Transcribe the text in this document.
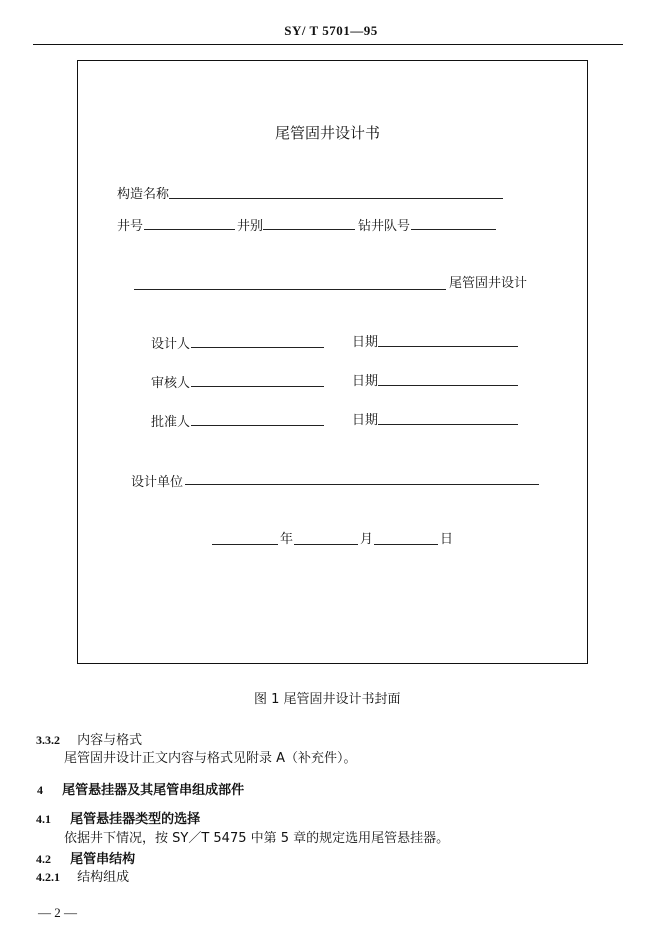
SY/ T 5701—95
尾管固井设计书
构造名称
井号	井别	钻井队号
尾管固井设计
设计人	日期
审核人	日期
批准人	日期
设计单位
年	月	日
图 1 尾管固井设计书封面
3.3.2 内容与格式
尾管固井设计正文内容与格式见附录 A（补充件）。
4 尾管悬挂器及其尾管串组成部件
4.1 尾管悬挂器类型的选择
依据井下情况，按 SY／T 5475 中第 5 章的规定选用尾管悬挂器。
4.2 尾管串结构
4.2.1 结构组成
— 2 —
